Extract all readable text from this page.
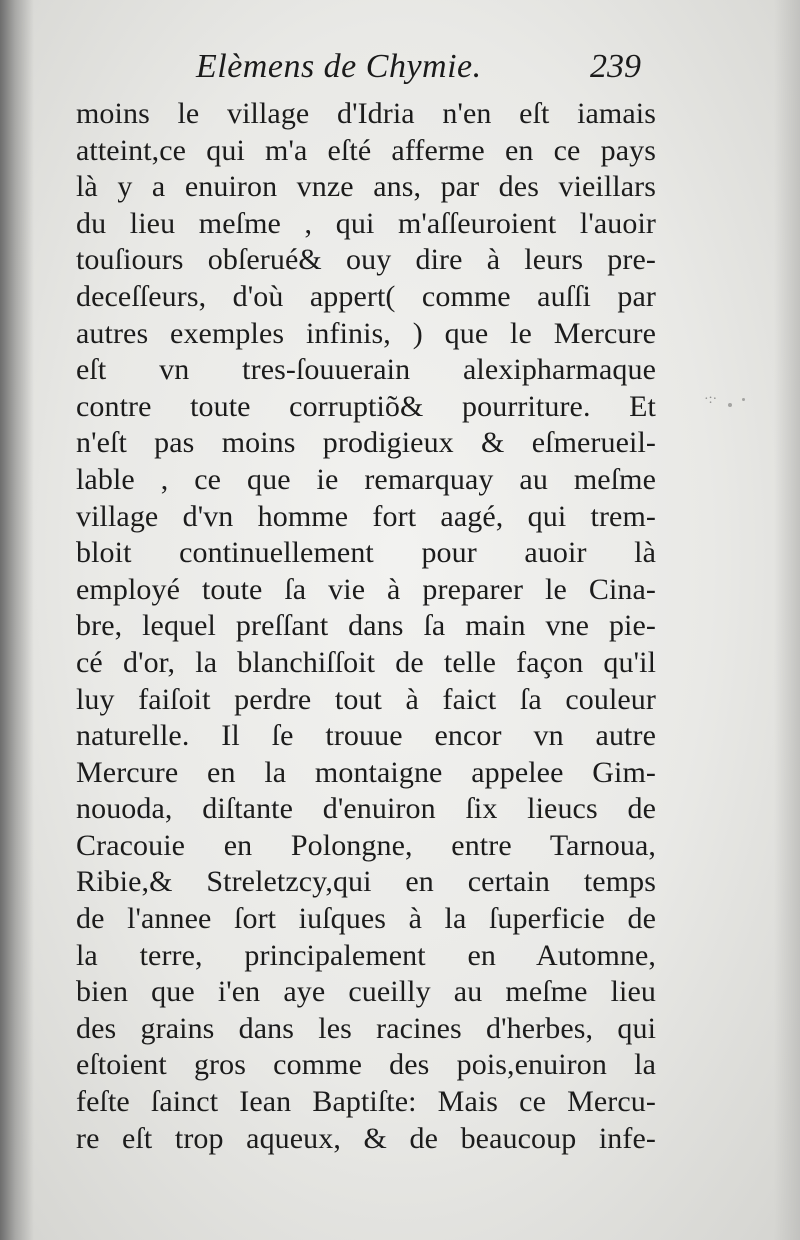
Elèmens de Chymie.	239
moins le village d'Idria n'en eſt iamais
atteint,ce qui m'a eſté afferme en ce pays
là y a enuiron vnze ans, par des vieillars
du lieu meſme , qui m'aſſeuroient l'auoir
touſiours obſerué& ouy dire à leurs pre-
deceſſeurs, d'où appert( comme auſſi par
autres exemples infinis, ) que le Mercure
eſt vn tres-ſouuerain alexipharmaque
contre toute corruptiõ& pourriture. Et
n'eſt pas moins prodigieux & eſmerueil-
lable , ce que ie remarquay au meſme
village d'vn homme fort aagé, qui trem-
bloit continuellement pour auoir là
employé toute ſa vie à preparer le Cina-
bre, lequel preſſant dans ſa main vne pie-
cé d'or, la blanchiſſoit de telle façon qu'il
luy faiſoit perdre tout à faict ſa couleur
naturelle. Il ſe trouue encor vn autre
Mercure en la montaigne appelee Gim-
nouoda, diſtante d'enuiron ſix lieucs de
Cracouie en Polongne, entre Tarnoua,
Ribie,& Streletzcy,qui en certain temps
de l'annee ſort iuſques à la ſuperficie de
la terre, principalement en Automne,
bien que i'en aye cueilly au meſme lieu
des grains dans les racines d'herbes, qui
eſtoient gros comme des pois,enuiron la
feſte ſainct Iean Baptiſte: Mais ce Mercu-
re eſt trop aqueux, & de beaucoup infe-
·:·
